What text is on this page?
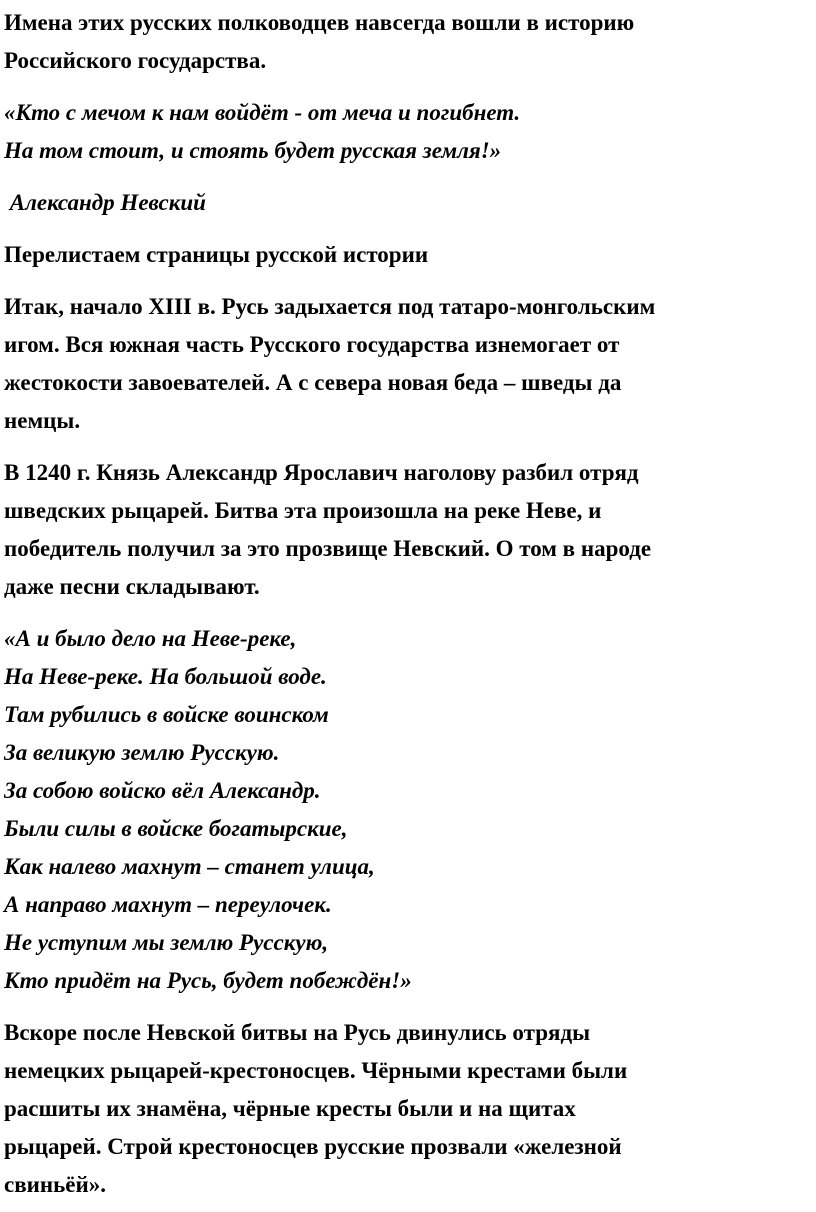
Имена этих русских полководцев навсегда вошли в историю
Российского государства.
«Кто с мечом к нам войдёт - от меча и погибнет.
На том стоит, и стоять будет русская земля!»
Александр Невский
Перелистаем страницы русской истории
Итак, начало XIII в. Русь задыхается под татаро-монгольским
игом. Вся южная часть Русского государства изнемогает от
жестокости завоевателей. А с севера новая беда – шведы да
немцы.
В 1240 г. Князь Александр Ярославич наголову разбил отряд
шведских рыцарей. Битва эта произошла на реке Неве, и
победитель получил за это прозвище Невский. О том в народе
даже песни складывают.
«А и было дело на Неве-реке,
На Неве-реке. На большой воде.
Там рубились в войске воинском
За великую землю Русскую.
За собою войско вёл Александр.
Были силы в войске богатырские,
Как налево махнут – станет улица,
А направо махнут – переулочек.
Не уступим мы землю Русскую,
Кто придёт на Русь, будет побеждён!»
Вскоре после Невской битвы на Русь двинулись отряды
немецких рыцарей-крестоносцев. Чёрными крестами были
расшиты их знамёна, чёрные кресты были и на щитах
рыцарей. Строй крестоносцев русские прозвали «железной
свиньёй».
